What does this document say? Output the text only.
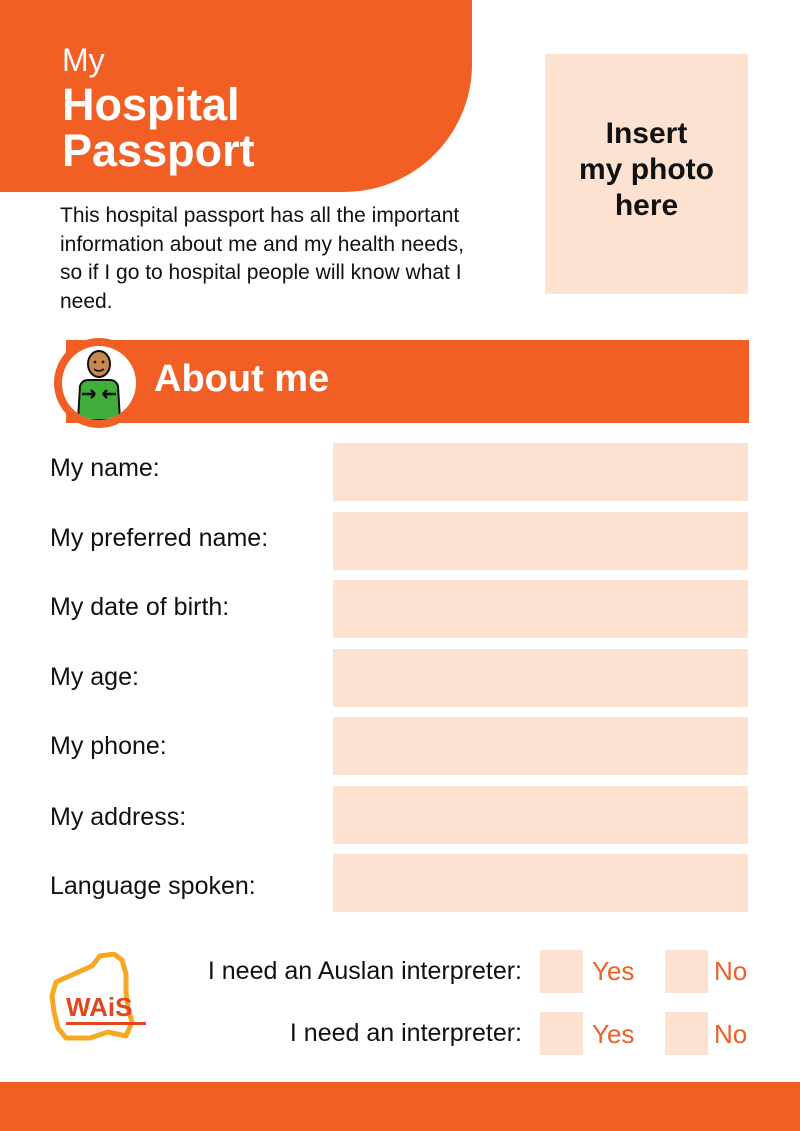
My
Hospital
Passport
This hospital passport has all the important information about me and my health needs, so if I go to hospital people will know what I need.
Insert
my photo
here
About me
My name:
My preferred name:
My date of birth:
My age:
My phone:
My address:
Language spoken:
I need an Auslan interpreter:	Yes	No
I need an interpreter:	Yes	No
WAiS
